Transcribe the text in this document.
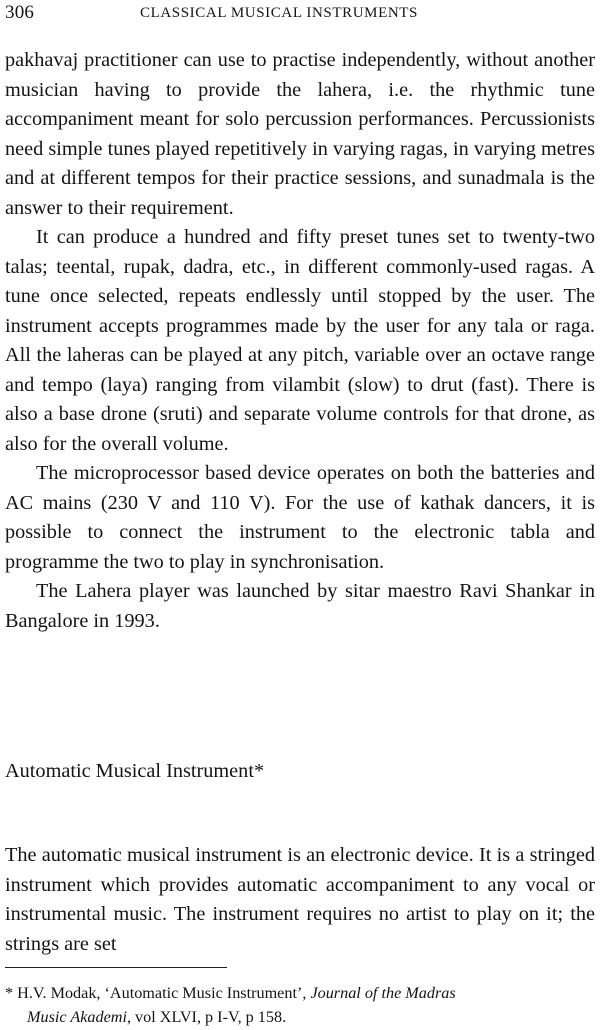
306	CLASSICAL MUSICAL INSTRUMENTS

pakhavaj practitioner can use to practise independently, without another musician having to provide the lahera, i.e. the rhythmic tune accompaniment meant for solo percussion performances. Percussionists need simple tunes played repetitively in varying ragas, in varying metres and at different tempos for their practice sessions, and sunadmala is the answer to their requirement.

It can produce a hundred and fifty preset tunes set to twenty-two talas; teental, rupak, dadra, etc., in different commonly-used ragas. A tune once selected, repeats endlessly until stopped by the user. The instrument accepts programmes made by the user for any tala or raga. All the laheras can be played at any pitch, variable over an octave range and tempo (laya) ranging from vilambit (slow) to drut (fast). There is also a base drone (sruti) and separate volume controls for that drone, as also for the overall volume.

The microprocessor based device operates on both the batteries and AC mains (230 V and 110 V). For the use of kathak dancers, it is possible to connect the instrument to the electronic tabla and programme the two to play in synchronisation.

The Lahera player was launched by sitar maestro Ravi Shankar in Bangalore in 1993.

Automatic Musical Instrument*

The automatic musical instrument is an electronic device. It is a stringed instrument which provides automatic accompaniment to any vocal or instrumental music. The instrument requires no artist to play on it; the strings are set

* H.V. Modak, ‘Automatic Music Instrument’, Journal of the Madras
Music Akademi, vol XLVI, p I-V, p 158.
